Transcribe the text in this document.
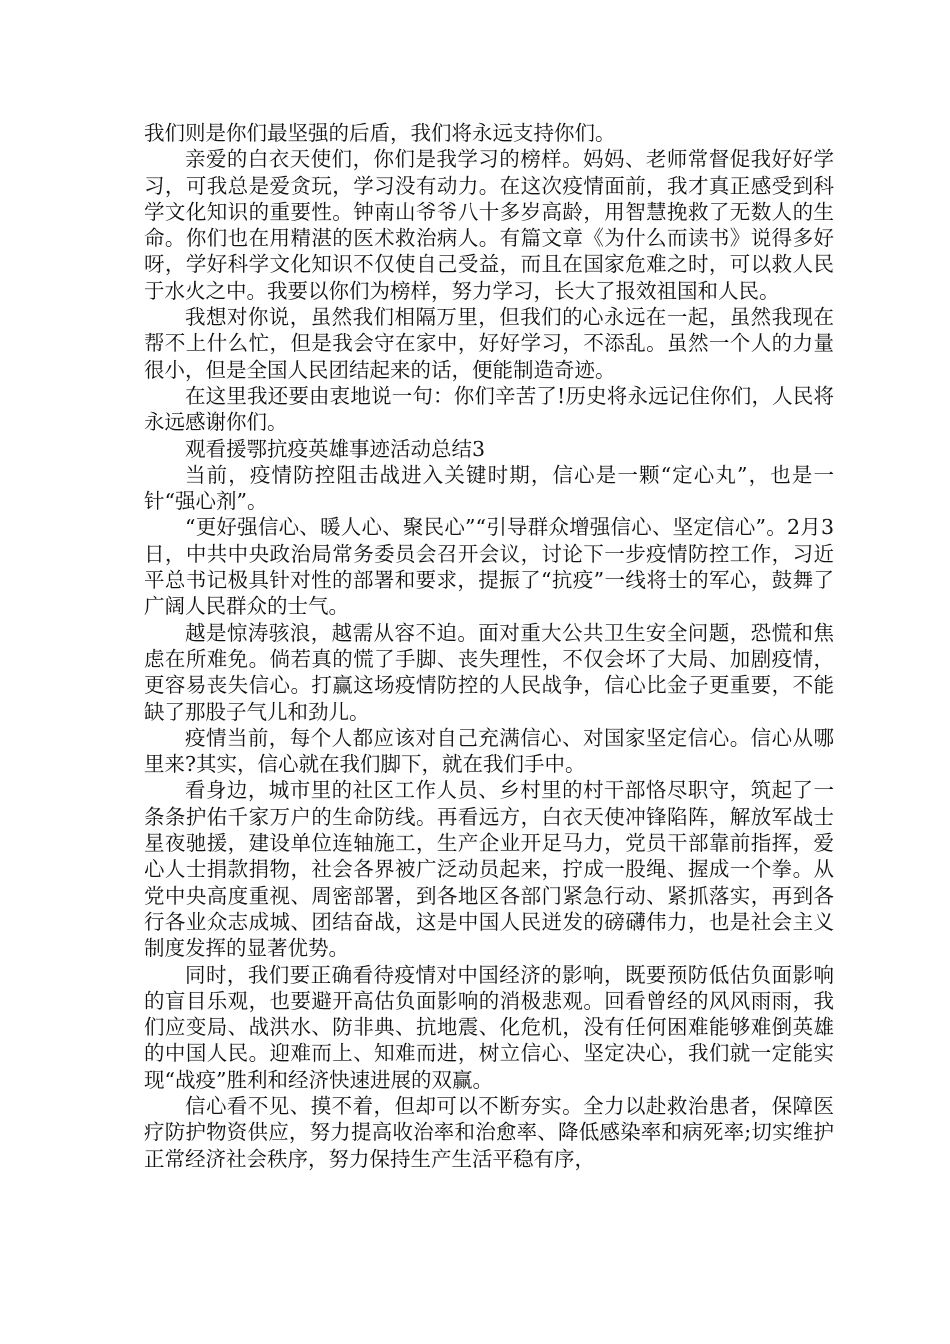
我们则是你们最坚强的后盾，我们将永远支持你们。

亲爱的白衣天使们，你们是我学习的榜样。妈妈、老师常督促我好好学习，可我总是爱贪玩，学习没有动力。在这次疫情面前，我才真正感受到科学文化知识的重要性。钟南山爷爷八十多岁高龄，用智慧挽救了无数人的生命。你们也在用精湛的医术救治病人。有篇文章《为什么而读书》说得多好呀，学好科学文化知识不仅使自己受益，而且在国家危难之时，可以救人民于水火之中。我要以你们为榜样，努力学习，长大了报效祖国和人民。

我想对你说，虽然我们相隔万里，但我们的心永远在一起，虽然我现在帮不上什么忙，但是我会守在家中，好好学习，不添乱。虽然一个人的力量很小，但是全国人民团结起来的话，便能制造奇迹。

在这里我还要由衷地说一句：你们辛苦了!历史将永远记住你们，人民将永远感谢你们。

观看援鄂抗疫英雄事迹活动总结3

当前，疫情防控阻击战进入关键时期，信心是一颗“定心丸”，也是一针“强心剂”。

“更好强信心、暖人心、聚民心”“引导群众增强信心、坚定信心”。2月3日，中共中央政治局常务委员会召开会议，讨论下一步疫情防控工作，习近平总书记极具针对性的部署和要求，提振了“抗疫”一线将士的军心，鼓舞了广阔人民群众的士气。

越是惊涛骇浪，越需从容不迫。面对重大公共卫生安全问题，恐慌和焦虑在所难免。倘若真的慌了手脚、丧失理性，不仅会坏了大局、加剧疫情，更容易丧失信心。打赢这场疫情防控的人民战争，信心比金子更重要，不能缺了那股子气儿和劲儿。

疫情当前，每个人都应该对自己充满信心、对国家坚定信心。信心从哪里来?其实，信心就在我们脚下，就在我们手中。

看身边，城市里的社区工作人员、乡村里的村干部恪尽职守，筑起了一条条护佑千家万户的生命防线。再看远方，白衣天使冲锋陷阵，解放军战士星夜驰援，建设单位连轴施工，生产企业开足马力，党员干部靠前指挥，爱心人士捐款捐物，社会各界被广泛动员起来，拧成一股绳、握成一个拳。从党中央高度重视、周密部署，到各地区各部门紧急行动、紧抓落实，再到各行各业众志成城、团结奋战，这是中国人民迸发的磅礴伟力，也是社会主义制度发挥的显著优势。

同时，我们要正确看待疫情对中国经济的影响，既要预防低估负面影响的盲目乐观，也要避开高估负面影响的消极悲观。回看曾经的风风雨雨，我们应变局、战洪水、防非典、抗地震、化危机，没有任何困难能够难倒英雄的中国人民。迎难而上、知难而进，树立信心、坚定决心，我们就一定能实现“战疫”胜利和经济快速进展的双赢。

信心看不见、摸不着，但却可以不断夯实。全力以赴救治患者，保障医疗防护物资供应，努力提高收治率和治愈率、降低感染率和病死率;切实维护正常经济社会秩序，努力保持生产生活平稳有序，
